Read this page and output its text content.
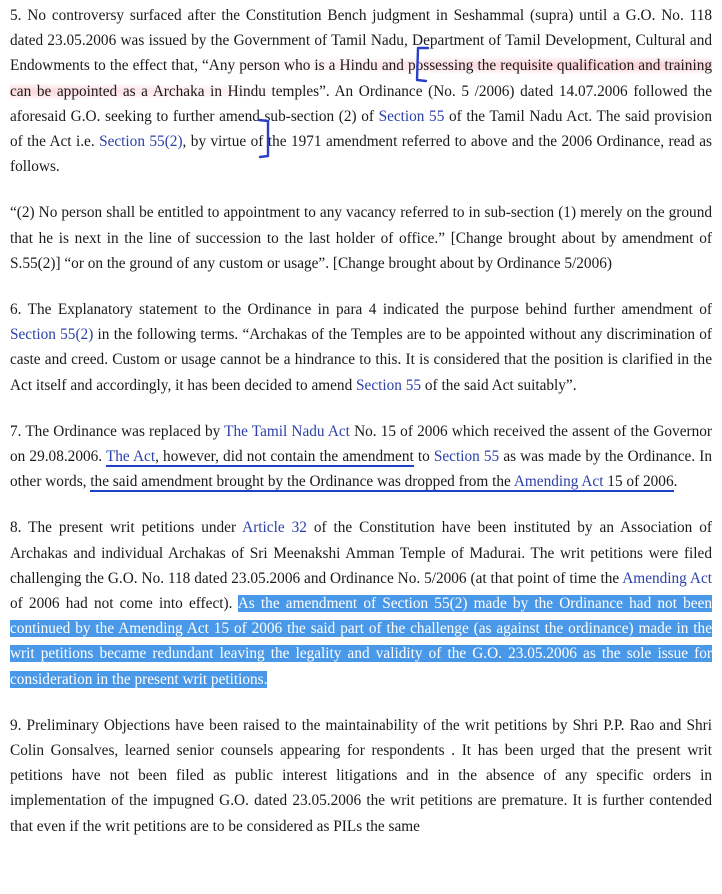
5. No controversy surfaced after the Constitution Bench judgment in Seshammal (supra) until a G.O. No. 118 dated 23.05.2006 was issued by the Government of Tamil Nadu, Department of Tamil Development, Cultural and Endowments to the effect that, “Any person who is a Hindu and possessing the requisite qualification and training can be appointed as a Archaka in Hindu temples”. An Ordinance (No. 5 /2006) dated 14.07.2006 followed the aforesaid G.O. seeking to further amend sub-section (2) of Section 55 of the Tamil Nadu Act. The said provision of the Act i.e. Section 55(2), by virtue of the 1971 amendment referred to above and the 2006 Ordinance, read as follows.

“(2) No person shall be entitled to appointment to any vacancy referred to in sub-section (1) merely on the ground that he is next in the line of succession to the last holder of office.” [Change brought about by amendment of S.55(2)] “or on the ground of any custom or usage”. [Change brought about by Ordinance 5/2006)

6. The Explanatory statement to the Ordinance in para 4 indicated the purpose behind further amendment of Section 55(2) in the following terms. “Archakas of the Temples are to be appointed without any discrimination of caste and creed. Custom or usage cannot be a hindrance to this. It is considered that the position is clarified in the Act itself and accordingly, it has been decided to amend Section 55 of the said Act suitably”.

7. The Ordinance was replaced by The Tamil Nadu Act No. 15 of 2006 which received the assent of the Governor on 29.08.2006. The Act, however, did not contain the amendment to Section 55 as was made by the Ordinance. In other words, the said amendment brought by the Ordinance was dropped from the Amending Act 15 of 2006.

8. The present writ petitions under Article 32 of the Constitution have been instituted by an Association of Archakas and individual Archakas of Sri Meenakshi Amman Temple of Madurai. The writ petitions were filed challenging the G.O. No. 118 dated 23.05.2006 and Ordinance No. 5/2006 (at that point of time the Amending Act of 2006 had not come into effect). As the amendment of Section 55(2) made by the Ordinance had not been continued by the Amending Act 15 of 2006 the said part of the challenge (as against the ordinance) made in the writ petitions became redundant leaving the legality and validity of the G.O. 23.05.2006 as the sole issue for consideration in the present writ petitions.

9. Preliminary Objections have been raised to the maintainability of the writ petitions by Shri P.P. Rao and Shri Colin Gonsalves, learned senior counsels appearing for respondents . It has been urged that the present writ petitions have not been filed as public interest litigations and in the absence of any specific orders in implementation of the impugned G.O. dated 23.05.2006 the writ petitions are premature. It is further contended that even if the writ petitions are to be considered as PILs the same
